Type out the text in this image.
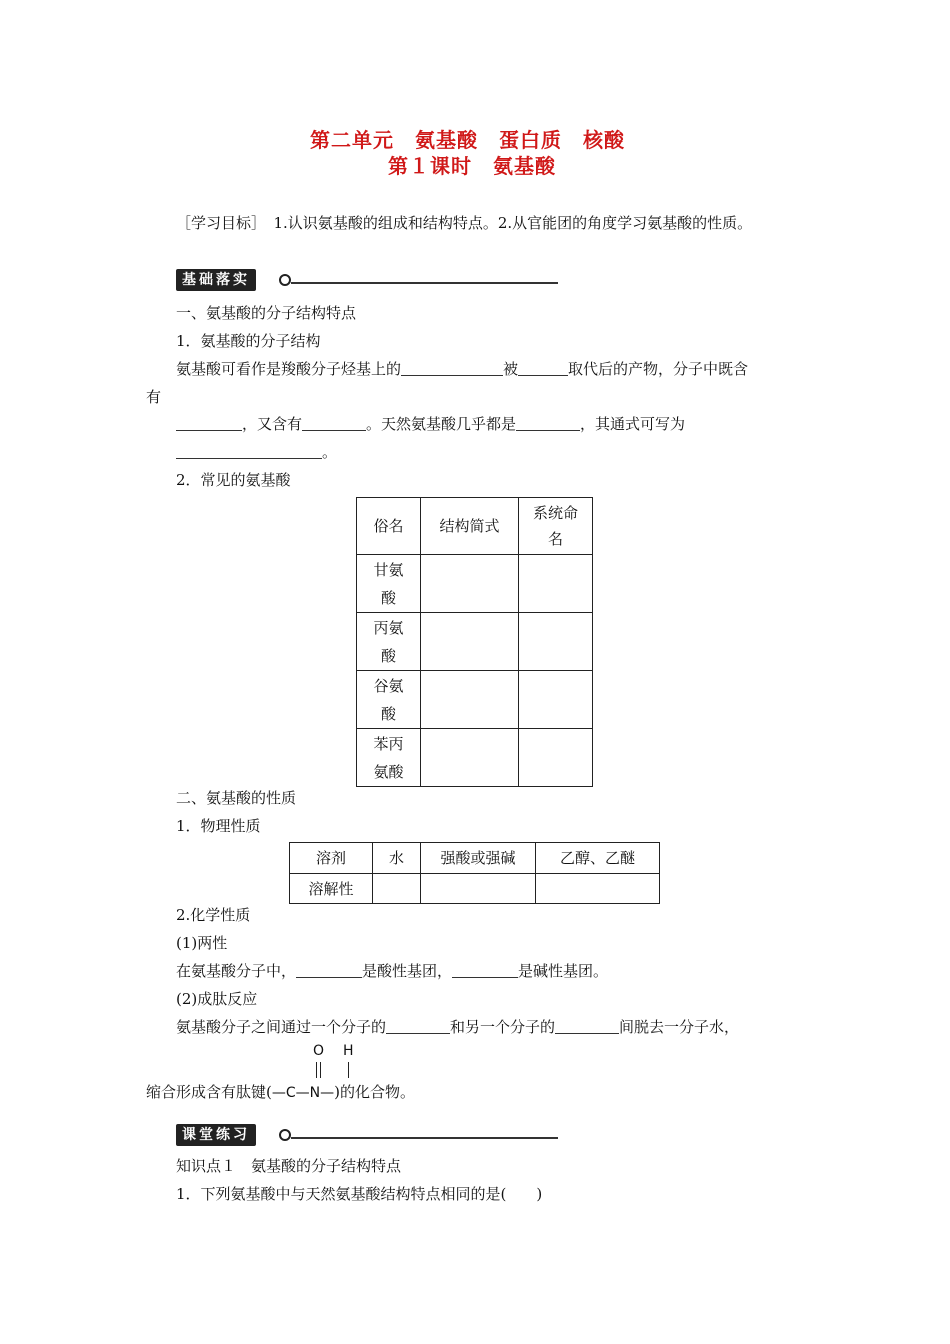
第二单元　氨基酸　蛋白质　核酸
第１课时　氨基酸
［学习目标］　1.认识氨基酸的组成和结构特点。2.从官能团的角度学习氨基酸的性质。
基础落实
一、氨基酸的分子结构特点
1．氨基酸的分子结构
氨基酸可看作是羧酸分子烃基上的	被	取代后的产物，分子中既含
有
，又含有	。天然氨基酸几乎都是	，其通式可写为
。
2．常见的氨基酸
俗名	结构简式	系统命名

甘氨酸		

丙氨酸		

谷氨酸		

苯丙氨酸		

二、氨基酸的性质
1．物理性质
溶剂	水	强酸或强碱	乙醇、乙醚
溶解性			
2.化学性质
(1)两性
在氨基酸分子中，	是酸性基团，	是碱性基团。
(2)成肽反应
氨基酸分子之间通过一个分子的	和另一个分子的	间脱去一分子水，
O H
缩合形成含有肽键(—C—N—)的化合物。
课堂练习
知识点１　氨基酸的分子结构特点
1．下列氨基酸中与天然氨基酸结构特点相同的是(　　)
